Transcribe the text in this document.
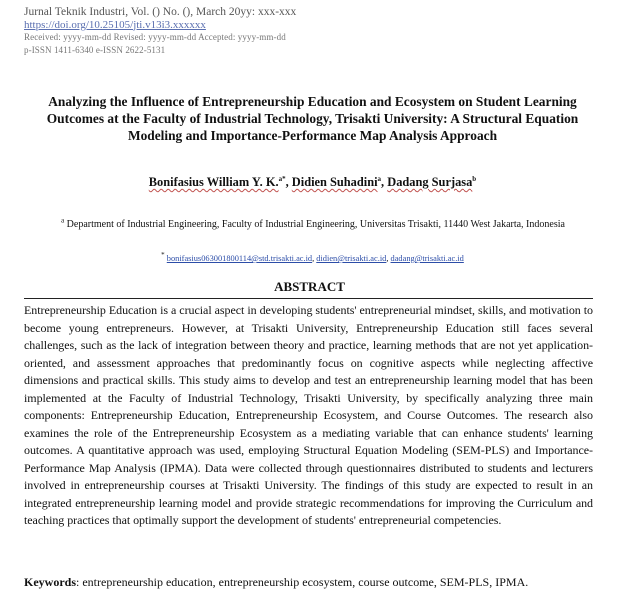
Jurnal Teknik Industri, Vol. () No. (), March 20yy: xxx-xxx
https://doi.org/10.25105/jti.v13i3.xxxxxx
Received: yyyy-mm-dd Revised: yyyy-mm-dd Accepted: yyyy-mm-dd
p-ISSN 1411-6340 e-ISSN 2622-5131
Analyzing the Influence of Entrepreneurship Education and Ecosystem on Student Learning Outcomes at the Faculty of Industrial Technology, Trisakti University: A Structural Equation Modeling and Importance-Performance Map Analysis Approach

Bonifasius William Y. K.$^{a*}$, Didien Suhadini$^a$, Dadang Surjasa$^b$

$^a$ Department of Industrial Engineering, Faculty of Industrial Engineering, Universitas Trisakti, 11440 West Jakarta, Indonesia

* bonifasius063001800114@std.trisakti.ac.id, didien@trisakti.ac.id, dadang@trisakti.ac.id

ABSTRACT

Entrepreneurship Education is a crucial aspect in developing students' entrepreneurial mindset, skills, and motivation to become young entrepreneurs. However, at Trisakti University, Entrepreneurship Education still faces several challenges, such as the lack of integration between theory and practice, learning methods that are not yet application-oriented, and assessment approaches that predominantly focus on cognitive aspects while neglecting affective dimensions and practical skills. This study aims to develop and test an entrepreneurship learning model that has been implemented at the Faculty of Industrial Technology, Trisakti University, by specifically analyzing three main components: Entrepreneurship Education, Entrepreneurship Ecosystem, and Course Outcomes. The research also examines the role of the Entrepreneurship Ecosystem as a mediating variable that can enhance students' learning outcomes. A quantitative approach was used, employing Structural Equation Modeling (SEM-PLS) and Importance-Performance Map Analysis (IPMA). Data were collected through questionnaires distributed to students and lecturers involved in entrepreneurship courses at Trisakti University. The findings of this study are expected to result in an integrated entrepreneurship learning model and provide strategic recommendations for improving the Curriculum and teaching practices that optimally support the development of students' entrepreneurial competencies.

Keywords: entrepreneurship education, entrepreneurship ecosystem, course outcome, SEM-PLS, IPMA.
